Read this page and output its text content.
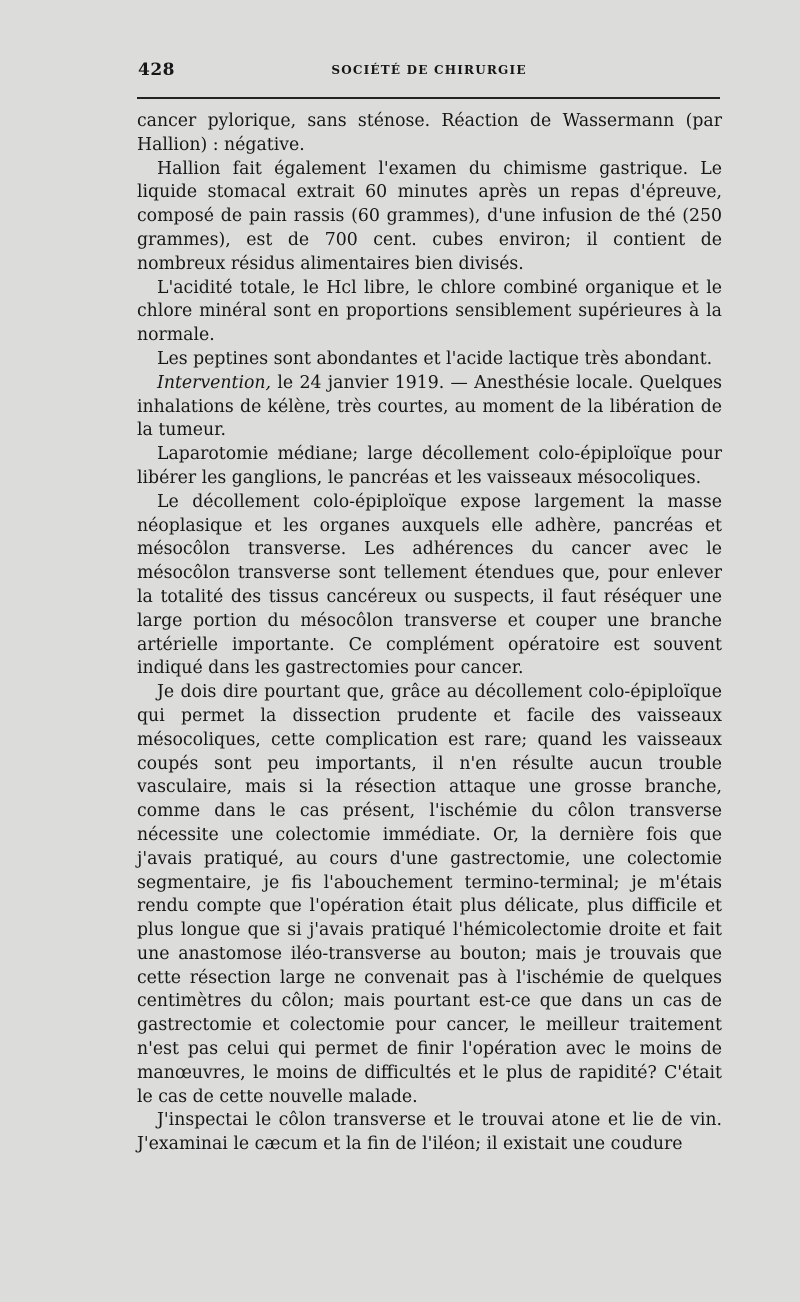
428	SOCIÉTÉ DE CHIRURGIE

cancer pylorique, sans sténose. Réaction de Wassermann (par Hallion) : négative.

Hallion fait également l'examen du chimisme gastrique. Le liquide stomacal extrait 60 minutes après un repas d'épreuve, composé de pain rassis (60 grammes), d'une infusion de thé (250 grammes), est de 700 cent. cubes environ; il contient de nombreux résidus alimentaires bien divisés.

L'acidité totale, le Hcl libre, le chlore combiné organique et le chlore minéral sont en proportions sensiblement supérieures à la normale.

Les peptines sont abondantes et l'acide lactique très abondant.

Intervention, le 24 janvier 1919. — Anesthésie locale. Quelques inhalations de kélène, très courtes, au moment de la libération de la tumeur.

Laparotomie médiane; large décollement colo-épiploïque pour libérer les ganglions, le pancréas et les vaisseaux mésocoliques.

Le décollement colo-épiploïque expose largement la masse néoplasique et les organes auxquels elle adhère, pancréas et mésocôlon transverse. Les adhérences du cancer avec le mésocôlon transverse sont tellement étendues que, pour enlever la totalité des tissus cancéreux ou suspects, il faut réséquer une large portion du mésocôlon transverse et couper une branche artérielle importante. Ce complément opératoire est souvent indiqué dans les gastrectomies pour cancer.

Je dois dire pourtant que, grâce au décollement colo-épiploïque qui permet la dissection prudente et facile des vaisseaux mésocoliques, cette complication est rare; quand les vaisseaux coupés sont peu importants, il n'en résulte aucun trouble vasculaire, mais si la résection attaque une grosse branche, comme dans le cas présent, l'ischémie du côlon transverse nécessite une colectomie immédiate. Or, la dernière fois que j'avais pratiqué, au cours d'une gastrectomie, une colectomie segmentaire, je fis l'abouchement termino-terminal; je m'étais rendu compte que l'opération était plus délicate, plus difficile et plus longue que si j'avais pratiqué l'hémicolectomie droite et fait une anastomose iléo-transverse au bouton; mais je trouvais que cette résection large ne convenait pas à l'ischémie de quelques centimètres du côlon; mais pourtant est-ce que dans un cas de gastrectomie et colectomie pour cancer, le meilleur traitement n'est pas celui qui permet de finir l'opération avec le moins de manœuvres, le moins de difficultés et le plus de rapidité? C'était le cas de cette nouvelle malade.

J'inspectai le côlon transverse et le trouvai atone et lie de vin. J'examinai le cæcum et la fin de l'iléon; il existait une coudure
